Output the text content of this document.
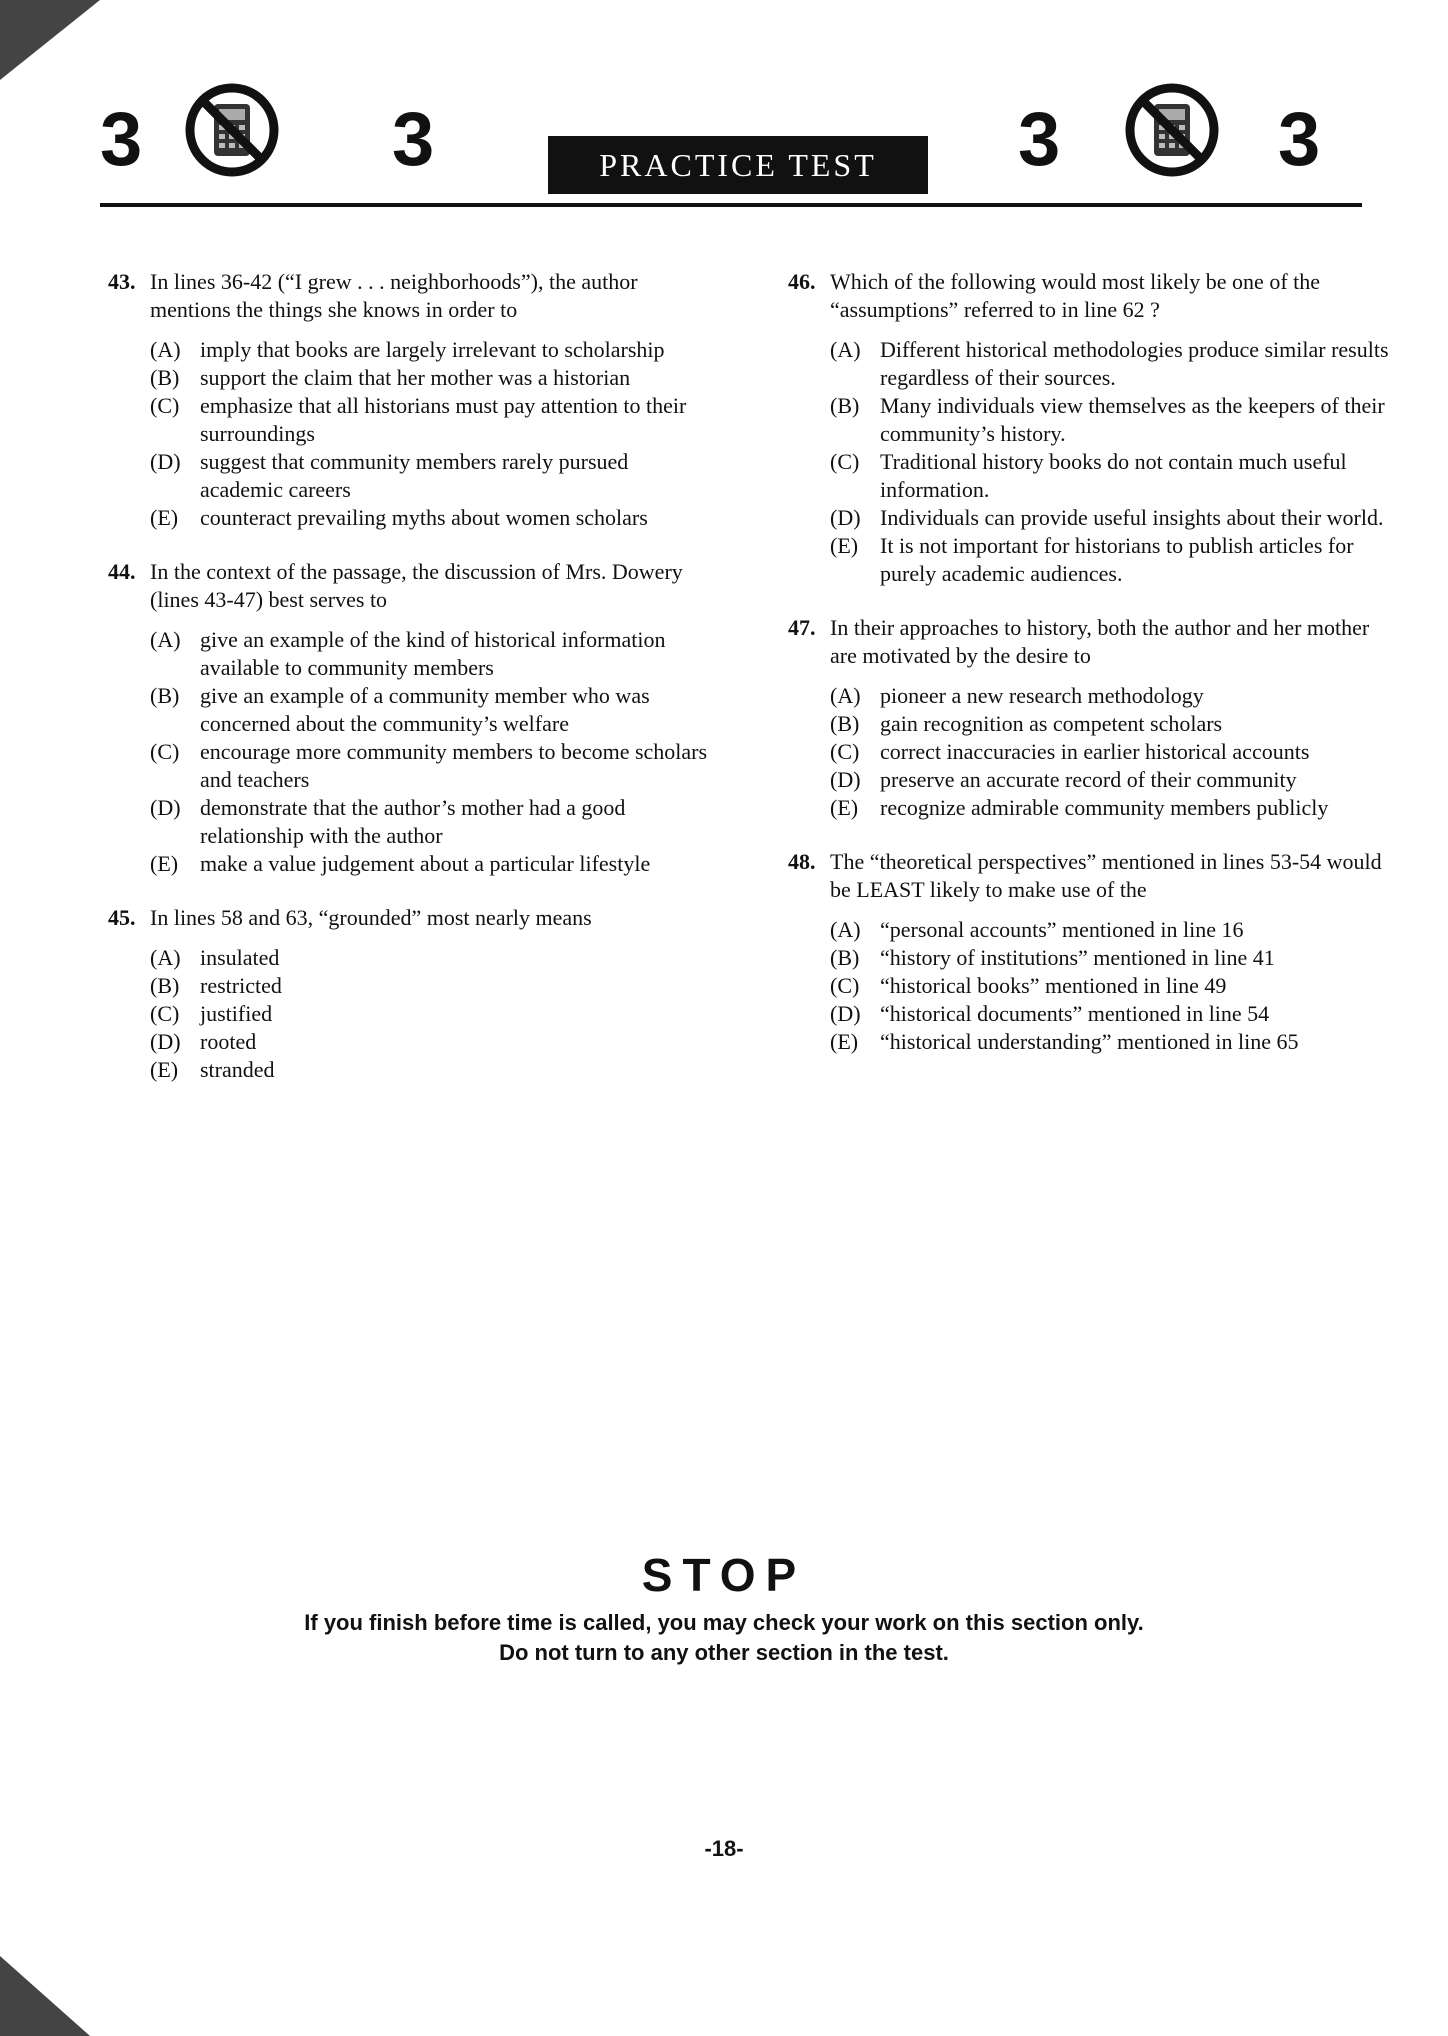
3	3	PRACTICE TEST	3	3
43. In lines 36-42 (“I grew . . . neighborhoods”), the author mentions the things she knows in order to
(A) imply that books are largely irrelevant to scholarship
(B) support the claim that her mother was a historian
(C) emphasize that all historians must pay attention to their surroundings
(D) suggest that community members rarely pursued academic careers
(E) counteract prevailing myths about women scholars
44. In the context of the passage, the discussion of Mrs. Dowery (lines 43-47) best serves to
(A) give an example of the kind of historical information available to community members
(B) give an example of a community member who was concerned about the community’s welfare
(C) encourage more community members to become scholars and teachers
(D) demonstrate that the author’s mother had a good relationship with the author
(E) make a value judgement about a particular lifestyle
45. In lines 58 and 63, “grounded” most nearly means
(A) insulated
(B) restricted
(C) justified
(D) rooted
(E) stranded
46. Which of the following would most likely be one of the “assumptions” referred to in line 62 ?
(A) Different historical methodologies produce similar results regardless of their sources.
(B) Many individuals view themselves as the keepers of their community’s history.
(C) Traditional history books do not contain much useful information.
(D) Individuals can provide useful insights about their world.
(E) It is not important for historians to publish articles for purely academic audiences.
47. In their approaches to history, both the author and her mother are motivated by the desire to
(A) pioneer a new research methodology
(B) gain recognition as competent scholars
(C) correct inaccuracies in earlier historical accounts
(D) preserve an accurate record of their community
(E) recognize admirable community members publicly
48. The “theoretical perspectives” mentioned in lines 53-54 would be LEAST likely to make use of the
(A) “personal accounts” mentioned in line 16
(B) “history of institutions” mentioned in line 41
(C) “historical books” mentioned in line 49
(D) “historical documents” mentioned in line 54
(E) “historical understanding” mentioned in line 65
STOP
If you finish before time is called, you may check your work on this section only.
Do not turn to any other section in the test.
-18-
